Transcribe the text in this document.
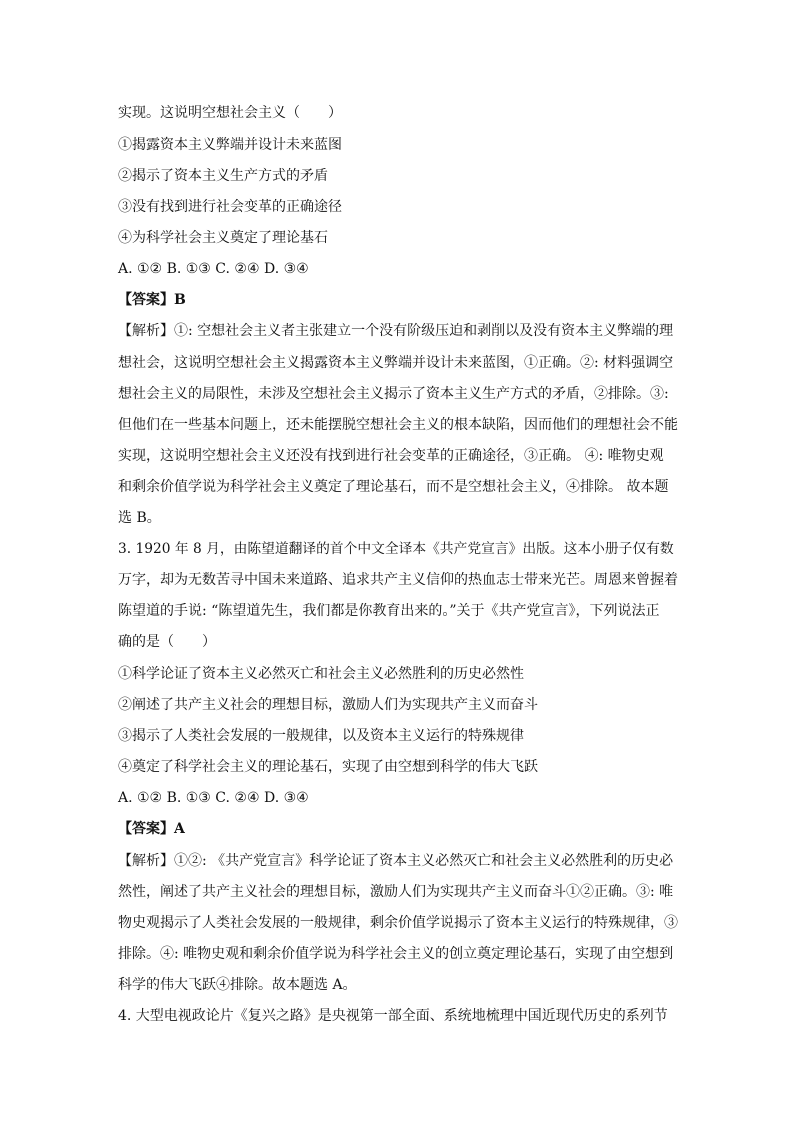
实现。这说明空想社会主义（　　）
①揭露资本主义弊端并设计未来蓝图
②揭示了资本主义生产方式的矛盾
③没有找到进行社会变革的正确途径
④为科学社会主义奠定了理论基石
A. ①② B. ①③ C. ②④ D. ③④
【答案】B
【解析】①: 空想社会主义者主张建立一个没有阶级压迫和剥削以及没有资本主义弊端的理
想社会，这说明空想社会主义揭露资本主义弊端并设计未来蓝图，①正确。②: 材料强调空
想社会主义的局限性，未涉及空想社会主义揭示了资本主义生产方式的矛盾，②排除。③:
但他们在一些基本问题上，还未能摆脱空想社会主义的根本缺陷，因而他们的理想社会不能
实现，这说明空想社会主义还没有找到进行社会变革的正确途径，③正确。 ④: 唯物史观
和剩余价值学说为科学社会主义奠定了理论基石，而不是空想社会主义，④排除。 故本题
选 B。
3. 1920 年 8 月，由陈望道翻译的首个中文全译本《共产党宣言》出版。这本小册子仅有数
万字，却为无数苦寻中国未来道路、追求共产主义信仰的热血志士带来光芒。周恩来曾握着
陈望道的手说: “陈望道先生，我们都是你教育出来的。”关于《共产党宣言》，下列说法正
确的是（　　）
①科学论证了资本主义必然灭亡和社会主义必然胜利的历史必然性
②阐述了共产主义社会的理想目标，激励人们为实现共产主义而奋斗
③揭示了人类社会发展的一般规律，以及资本主义运行的特殊规律
④奠定了科学社会主义的理论基石，实现了由空想到科学的伟大飞跃
A. ①② B. ①③ C. ②④ D. ③④
【答案】A
【解析】①②: 《共产党宣言》科学论证了资本主义必然灭亡和社会主义必然胜利的历史必
然性，阐述了共产主义社会的理想目标，激励人们为实现共产主义而奋斗①②正确。③: 唯
物史观揭示了人类社会发展的一般规律，剩余价值学说揭示了资本主义运行的特殊规律，③
排除。④: 唯物史观和剩余价值学说为科学社会主义的创立奠定理论基石，实现了由空想到
科学的伟大飞跃④排除。故本题选 A。
4. 大型电视政论片《复兴之路》是央视第一部全面、系统地梳理中国近现代历史的系列节
